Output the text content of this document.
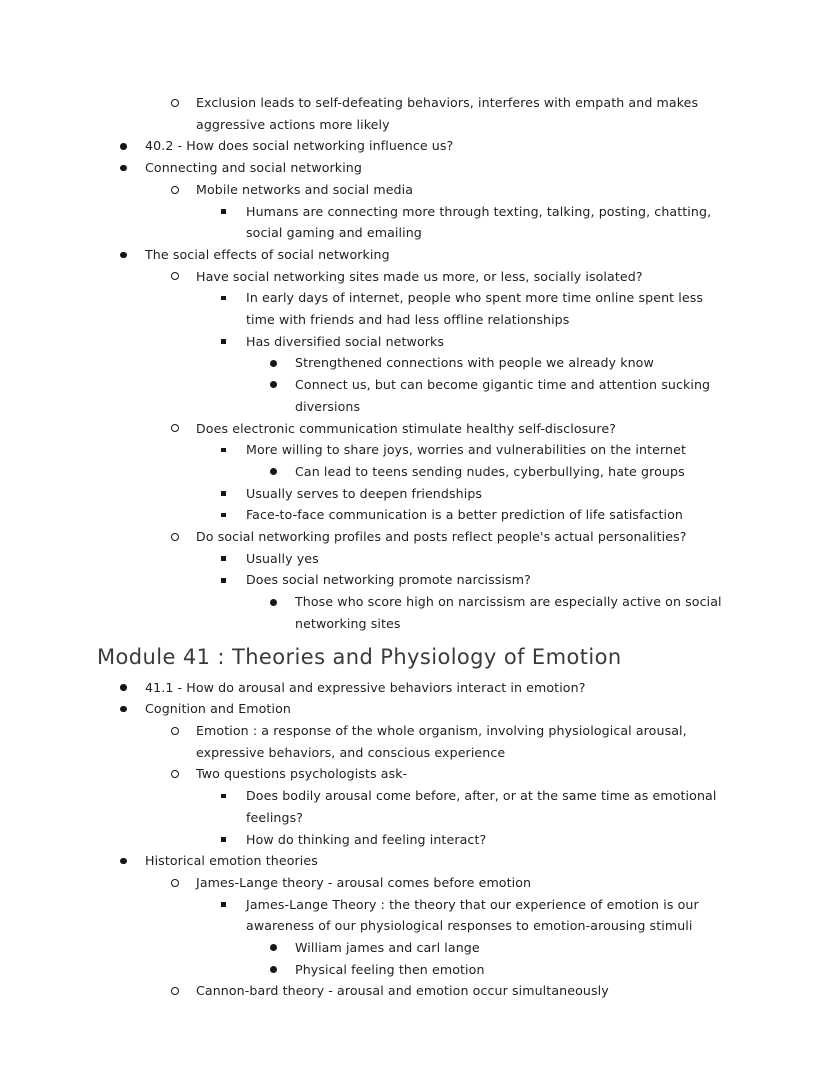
Exclusion leads to self-defeating behaviors, interferes with empath and makes aggressive actions more likely
40.2 - How does social networking influence us?
Connecting and social networking
Mobile networks and social media
Humans are connecting more through texting, talking, posting, chatting, social gaming and emailing
The social effects of social networking
Have social networking sites made us more, or less, socially isolated?
In early days of internet, people who spent more time online spent less time with friends and had less offline relationships
Has diversified social networks
Strengthened connections with people we already know
Connect us, but can become gigantic time and attention sucking diversions
Does electronic communication stimulate healthy self-disclosure?
More willing to share joys, worries and vulnerabilities on the internet
Can lead to teens sending nudes, cyberbullying, hate groups
Usually serves to deepen friendships
Face-to-face communication is a better prediction of life satisfaction
Do social networking profiles and posts reflect people's actual personalities?
Usually yes
Does social networking promote narcissism?
Those who score high on narcissism are especially active on social networking sites
Module 41 : Theories and Physiology of Emotion
41.1 - How do arousal and expressive behaviors interact in emotion?
Cognition and Emotion
Emotion : a response of the whole organism, involving physiological arousal, expressive behaviors, and conscious experience
Two questions psychologists ask-
Does bodily arousal come before, after, or at the same time as emotional feelings?
How do thinking and feeling interact?
Historical emotion theories
James-Lange theory - arousal comes before emotion
James-Lange Theory : the theory that our experience of emotion is our awareness of our physiological responses to emotion-arousing stimuli
William james and carl lange
Physical feeling then emotion
Cannon-bard theory - arousal and emotion occur simultaneously
